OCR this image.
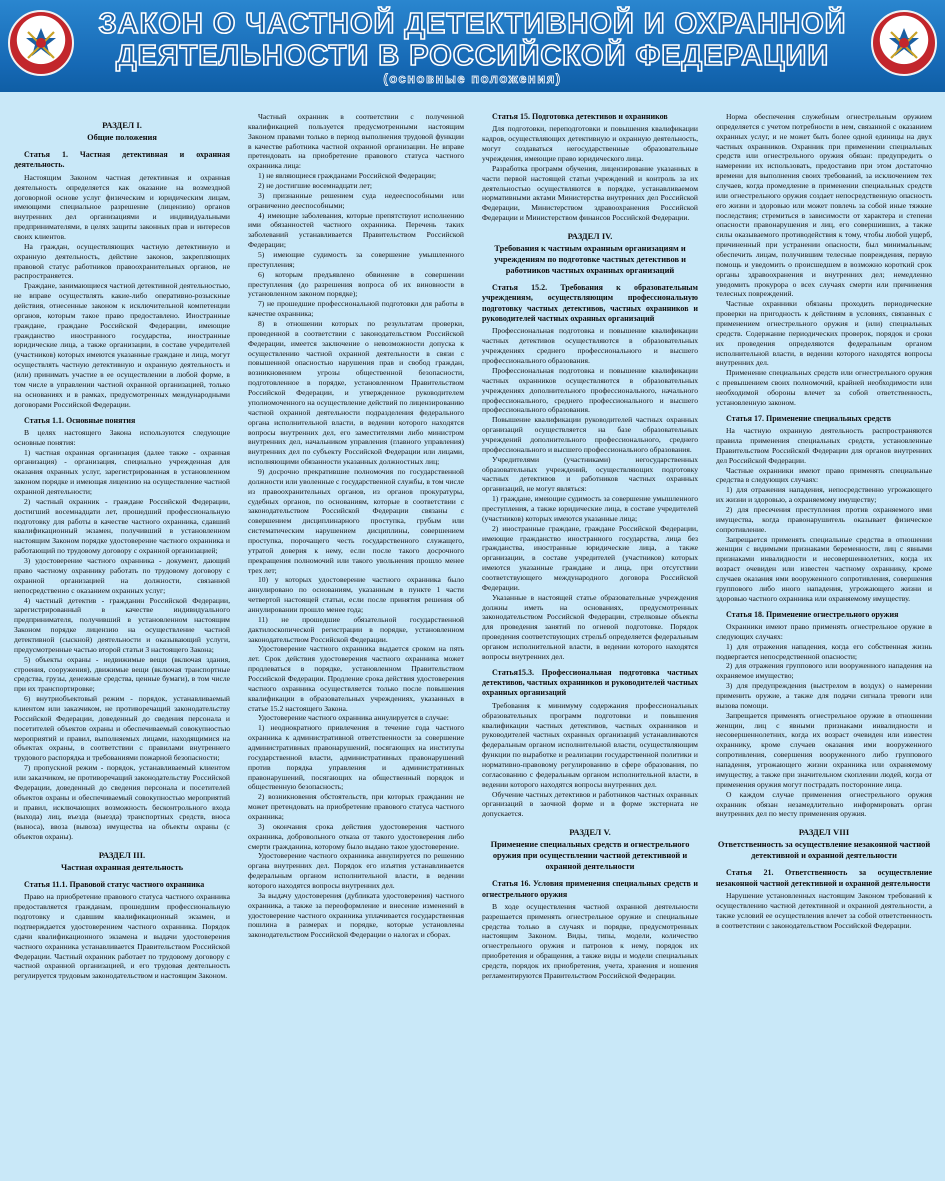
ЗАКОН О ЧАСТНОЙ ДЕТЕКТИВНОЙ И ОХРАННОЙ
ДЕЯТЕЛЬНОСТИ В РОССИЙСКОЙ ФЕДЕРАЦИИ
(основные положения)
РАЗДЕЛ I.
Общие положения
Статья 1. Частная детективная и охранная деятельность.

Настоящим Законом частная детективная и охранная деятельность определяется как оказание на возмездной договорной основе услуг физическим и юридическим лицам, имеющими специальное разрешение (лицензию) органов внутренних дел организациями и индивидуальными предпринимателями, в целях защиты законных прав и интересов своих клиентов.

На граждан, осуществляющих частную детективную и охранную деятельность, действие законов, закрепляющих правовой статус работников правоохранительных органов, не распространяется.

Граждане, занимающиеся частной детективной деятельностью, не вправе осуществлять какие-либо оперативно-розыскные действия, отнесенные законом к исключительной компетенции органов, которым такое право предоставлено. Иностранные граждане, граждане Российской Федерации, имеющие гражданство иностранного государства, иностранные юридические лица, а также организации, в составе учредителей (участников) которых имеются указанные граждане и лица, могут осуществлять частную детективную и охранную деятельность и (или) принимать участие в ее осуществлении в любой форме, в том числе в управлении частной охранной организацией, только на основаниях и в рамках, предусмотренных международными договорами Российской Федерации.

Статья 1.1. Основные понятия

В целях настоящего Закона используются следующие основные понятия:

1) частная охранная организация (далее также - охранная организация) - организация, специально учрежденная для оказания охранных услуг, зарегистрированная в установленном законом порядке и имеющая лицензию на осуществление частной охранной деятельности;

2) частный охранник - граждане Российской Федерации, достигший восемнадцати лет, прошедший профессиональную подготовку для работы в качестве частного охранника, сдавший квалификационный экзамен, получивший в установленном настоящим Законом порядке удостоверение частного охранника и работающий по трудовому договору с охранной организацией;

3) удостоверение частного охранника - документ, дающий право частному охраннику работать по трудовому договору с охранной организацией на должности, связанной непосредственно с оказанием охранных услуг;

4) частный детектив - гражданин Российской Федерации, зарегистрированный в качестве индивидуального предпринимателя, получивший в установленном настоящим Законом порядке лицензию на осуществление частной детективной (сыскной) деятельности и оказывающий услуги, предусмотренные частью второй статьи 3 настоящего Закона;

5) объекты охраны - недвижимые вещи (включая здания, строения, сооружения), движимые вещи (включая транспортные средства, грузы, денежные средства, ценные бумаги), в том числе при их транспортировке;

6) внутриобъектовый режим - порядок, устанавливаемый клиентом или заказчиком, не противоречащий законодательству Российской Федерации, доведенный до сведения персонала и посетителей объектов охраны и обеспечиваемый совокупностью мероприятий и правил, выполняемых лицами, находящимися на объектах охраны, в соответствии с правилами внутреннего трудового распорядка и требованиями пожарной безопасности;

7) пропускной режим - порядок, устанавливаемый клиентом или заказчиком, не противоречащий законодательству Российской Федерации, доведенный до сведения персонала и посетителей объектов охраны и обеспечиваемый совокупностью мероприятий и правил, исключающих возможность бесконтрольного входа (выхода) лиц, въезда (выезда) транспортных средств, вноса (выноса), ввоза (вывоза) имущества на объекты охраны (с объектов охраны).

РАЗДЕЛ III.
Частная охранная деятельность
Статья 11.1. Правовой статус частного охранника

Право на приобретение правового статуса частного охранника предоставляется гражданам, прошедшим профессиональную подготовку и сдавшим квалификационный экзамен, и подтверждается удостоверением частного охранника. Порядок сдачи квалификационного экзамена и выдачи удостоверения частного охранника устанавливается Правительством Российской Федерации. Частный охранник работает по трудовому договору с частной охранной организацией, и его трудовая деятельность регулируется трудовым законодательством и настоящим Законом.

Частный охранник в соответствии с полученной квалификацией пользуется предусмотренными настоящим Законом правами только в период выполнения трудовой функции в качестве работника частной охранной организации. Не вправе претендовать на приобретение правового статуса частного охранника лица:

1) не являющиеся гражданами Российской Федерации;

2) не достигшие восемнадцати лет;

3) признанные решением суда недееспособными или ограниченно дееспособными;

4) имеющие заболевания, которые препятствуют исполнению ими обязанностей частного охранника. Перечень таких заболеваний устанавливается Правительством Российской Федерации;

5) имеющие судимость за совершение умышленного преступления;

6) которым предъявлено обвинение в совершении преступления (до разрешения вопроса об их виновности в установленном законом порядке);

7) не прошедшие профессиональной подготовки для работы в качестве охранника;

8) в отношении которых по результатам проверки, проведенной в соответствии с законодательством Российской Федерации, имеется заключение о невозможности допуска к осуществлению частной охранной деятельности в связи с повышенной опасностью нарушения прав и свобод граждан, возникновением угрозы общественной безопасности, подготовленное в порядке, установленном Правительством Российской Федерации, и утвержденное руководителем уполномоченного на осуществление действий по лицензированию частной охранной деятельности подразделения федерального органа исполнительной власти, в ведении которого находятся вопросы внутренних дел, его заместителями либо министром внутренних дел, начальником управления (главного управления) внутренних дел по субъекту Российской Федерации или лицами, исполняющими обязанности указанных должностных лиц;

9) досрочно прекратившие полномочия по государственной должности или уволенные с государственной службы, в том числе из правоохранительных органов, из органов прокуратуры, судебных органов, по основаниям, которые в соответствии с законодательством Российской Федерации связаны с совершением дисциплинарного проступка, грубым или систематическим нарушением дисциплины, совершением проступка, порочащего честь государственного служащего, утратой доверия к нему, если после такого досрочного прекращения полномочий или такого увольнения прошло менее трех лет;

10) у которых удостоверение частного охранника было аннулировано по основаниям, указанным в пункте 1 части четвертой настоящей статьи, если после принятия решения об аннулировании прошло менее года;

11) не прошедшие обязательной государственной дактилоскопической регистрации в порядке, установленном законодательством Российской Федерации.

Удостоверение частного охранника выдается сроком на пять лет. Срок действия удостоверения частного охранника может продлеваться в порядке, установленном Правительством Российской Федерации. Продление срока действия удостоверения частного охранника осуществляется только после повышения квалификации в образовательных учреждениях, указанных в статье 15.2 настоящего Закона.

Удостоверение частного охранника аннулируется в случае:

1) неоднократного привлечения в течение года частного охранника к административной ответственности за совершение административных правонарушений, посягающих на институты государственной власти, административных правонарушений против порядка управления и административных правонарушений, посягающих на общественный порядок и общественную безопасность;

2) возникновения обстоятельств, при которых гражданин не может претендовать на приобретение правового статуса частного охранника;

3) окончания срока действия удостоверения частного охранника, добровольного отказа от такого удостоверения либо смерти гражданина, которому было выдано такое удостоверение.

Удостоверение частного охранника аннулируется по решению органа внутренних дел. Порядок его изъятия устанавливается федеральным органом исполнительной власти, в ведении которого находятся вопросы внутренних дел.

За выдачу удостоверения (дубликата удостоверения) частного охранника, а также за переоформление и внесение изменений в удостоверение частного охранника уплачивается государственная пошлина в размерах и порядке, которые установлены законодательством Российской Федерации о налогах и сборах.

Статья 15. Подготовка детективов и охранников

Для подготовки, переподготовки и повышения квалификации кадров, осуществляющих детективную и охранную деятельность, могут создаваться негосударственные образовательные учреждения, имеющие право юридического лица.

Разработка программ обучения, лицензирование указанных в части первой настоящей статьи учреждений и контроль за их деятельностью осуществляются в порядке, устанавливаемом нормативными актами Министерства внутренних дел Российской Федерации, Министерством здравоохранения Российской Федерации и Министерством финансов Российской Федерации.

РАЗДЕЛ IV.
Требования к частным охранным организациям и учреждениям по подготовке частных детективов и работников частных охранных организаций
Статья 15.2. Требования к образовательным учреждениям, осуществляющим профессиональную подготовку частных детективов, частных охранников и руководителей частных охранных организаций

Профессиональная подготовка и повышение квалификации частных детективов осуществляются в образовательных учреждениях среднего профессионального и высшего профессионального образования.

Профессиональная подготовка и повышение квалификации частных охранников осуществляются в образовательных учреждениях дополнительного профессионального, начального профессионального, среднего профессионального и высшего профессионального образования.

Повышение квалификации руководителей частных охранных организаций осуществляется на базе образовательных учреждений дополнительного профессионального, среднего профессионального и высшего профессионального образования.

Учредителями (участниками) негосударственных образовательных учреждений, осуществляющих подготовку частных детективов и работников частных охранных организаций, не могут являться:

1) граждане, имеющие судимость за совершение умышленного преступления, а также юридические лица, в составе учредителей (участников) которых имеются указанные лица;

2) иностранные граждане, граждане Российской Федерации, имеющие гражданство иностранного государства, лица без гражданства, иностранные юридические лица, а также организации, в составе учредителей (участников) которых имеются указанные граждане и лица, при отсутствии соответствующего международного договора Российской Федерации.

Указанные в настоящей статье образовательные учреждения должны иметь на основаниях, предусмотренных законодательством Российской Федерации, стрелковые объекты для проведения занятий по огневой подготовке. Порядок проведения соответствующих стрельб определяется федеральным органом исполнительной власти, в ведении которого находятся вопросы внутренних дел.

Статья15.3. Профессиональная подготовка частных детективов, частных охранников и руководителей частных охранных организаций

Требования к минимуму содержания профессиональных образовательных программ подготовки и повышения квалификации частных детективов, частных охранников и руководителей частных охранных организаций устанавливаются федеральным органом исполнительной власти, осуществляющим функции по выработке и реализации государственной политики и нормативно-правовому регулированию в сфере образования, по согласованию с федеральным органом исполнительной власти, в ведении которого находятся вопросы внутренних дел.

Обучение частных детективов и работников частных охранных организаций в заочной форме и в форме экстерната не допускается.

РАЗДЕЛ V.
Применение специальных средств и огнестрельного оружия при осуществлении частной детективной и охранной деятельности
Статья 16. Условия применения специальных средств и огнестрельного оружия

В ходе осуществления частной охранной деятельности разрешается применять огнестрельное оружие и специальные средства только в случаях и порядке, предусмотренных настоящим Законом. Виды, типы, модели, количество огнестрельного оружия и патронов к нему, порядок их приобретения и обращения, а также виды и модели специальных средств, порядок их приобретения, учета, хранения и ношения регламентируются Правительством Российской Федерации.

Норма обеспечения служебным огнестрельным оружием определяется с учетом потребности в нем, связанной с оказанием охранных услуг, и не может быть более одной единицы на двух частных охранников. Охранник при применении специальных средств или огнестрельного оружия обязан: предупредить о намерении их использовать, предоставив при этом достаточно времени для выполнения своих требований, за исключением тех случаев, когда промедление в применении специальных средств или огнестрельного оружия создает непосредственную опасность его жизни и здоровью или может повлечь за собой иные тяжкие последствия; стремиться в зависимости от характера и степени опасности правонарушения и лиц, его совершивших, а также силы оказываемого противодействия к тому, чтобы любой ущерб, причиненный при устранении опасности, был минимальным; обеспечить лицам, получившим телесные повреждения, первую помощь и уведомить о происшедшем в возможно короткий срок органы здравоохранения и внутренних дел; немедленно уведомить прокурора о всех случаях смерти или причинения телесных повреждений.

Частные охранники обязаны проходить периодические проверки на пригодность к действиям в условиях, связанных с применением огнестрельного оружия и (или) специальных средств. Содержание периодических проверок, порядок и сроки их проведения определяются федеральным органом исполнительной власти, в ведении которого находятся вопросы внутренних дел.

Применение специальных средств или огнестрельного оружия с превышением своих полномочий, крайней необходимости или необходимой обороны влечет за собой ответственность, установленную законом.

Статья 17. Применение специальных средств

На частную охранную деятельность распространяются правила применения специальных средств, установленные Правительством Российской Федерации для органов внутренних дел Российской Федерации.

Частные охранники имеют право применять специальные средства в следующих случаях:

1) для отражения нападения, непосредственно угрожающего их жизни и здоровью, а охраняемому имуществу;

2) для пресечения преступления против охраняемого ими имущества, когда правонарушитель оказывает физическое сопротивление.

Запрещается применять специальные средства в отношении женщин с видимыми признаками беременности, лиц с явными признаками инвалидности и несовершеннолетних, когда их возраст очевиден или известен частному охраннику, кроме случаев оказания ими вооруженного сопротивления, совершения группового либо иного нападения, угрожающего жизни и здоровью частного охранника или охраняемому имуществу.

Статья 18. Применение огнестрельного оружия

Охранники имеют право применять огнестрельное оружие в следующих случаях:

1) для отражения нападения, когда его собственная жизнь подвергается непосредственной опасности;

2) для отражения группового или вооруженного нападения на охраняемое имущество;

3) для предупреждения (выстрелом в воздух) о намерении применить оружие, а также для подачи сигнала тревоги или вызова помощи.

Запрещается применять огнестрельное оружие в отношении женщин, лиц с явными признаками инвалидности и несовершеннолетних, когда их возраст очевиден или известен охраннику, кроме случаев оказания ими вооруженного сопротивления, совершения вооруженного либо группового нападения, угрожающего жизни охранника или охраняемому имуществу, а также при значительном скоплении людей, когда от применения оружия могут пострадать посторонние лица.

О каждом случае применения огнестрельного оружия охранник обязан незамедлительно информировать орган внутренних дел по месту применения оружия.

РАЗДЕЛ VIII
Ответственность за осуществление незаконной частной детективной и охранной деятельности
Статья 21. Ответственность за осуществление незаконной частной детективной и охранной деятельности

Нарушение установленных настоящим Законом требований к осуществлению частной детективной и охранной деятельности, а также условий ее осуществления влечет за собой ответственность в соответствии с законодательством Российской Федерации.
